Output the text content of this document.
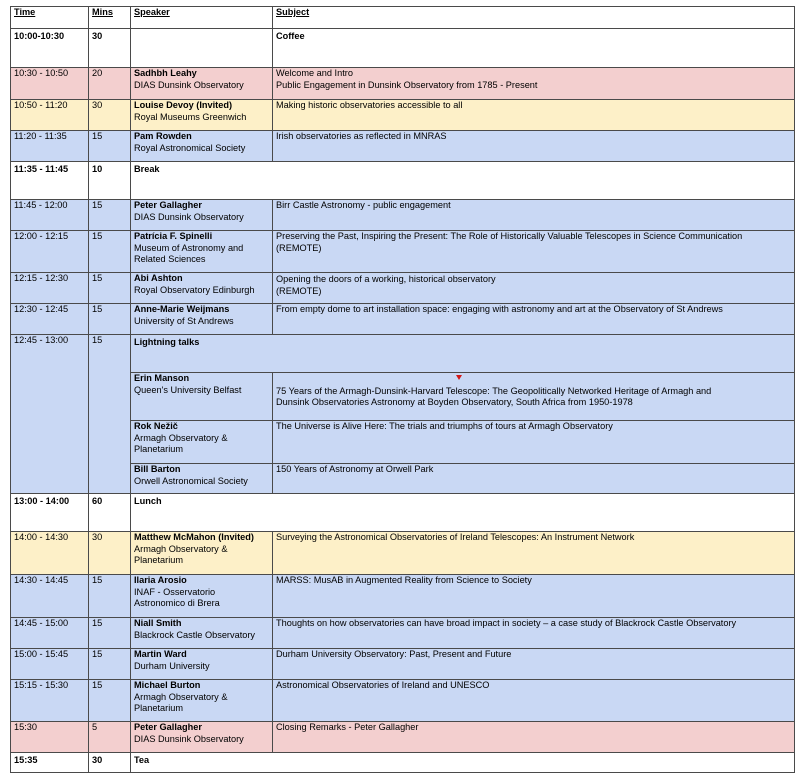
Time	Mins	Speaker	Subject
10:00-10:30	30		Coffee
10:30 - 10:50	20	Sadhbh Leahy
DIAS Dunsink Observatory	Welcome and Intro
Public Engagement in Dunsink Observatory from 1785 - Present
10:50 - 11:20	30	Louise Devoy (Invited)
Royal Museums Greenwich	Making historic observatories accessible to all
11:20 - 11:35	15	Pam Rowden
Royal Astronomical Society	Irish observatories as reflected in MNRAS
11:35 - 11:45	10	Break	
11:45 - 12:00	15	Peter Gallagher
DIAS Dunsink Observatory	Birr Castle Astronomy - public engagement
12:00 - 12:15	15	Patrícia F. Spinelli
Museum of Astronomy and
Related Sciences	Preserving the Past, Inspiring the Present: The Role of Historically Valuable Telescopes in Science Communication
(REMOTE)
12:15 - 12:30	15	Abi Ashton
Royal Observatory Edinburgh	Opening the doors of a working, historical observatory
(REMOTE)
12:30 - 12:45	15	Anne-Marie Weijmans
University of St Andrews	From empty dome to art installation space: engaging with astronomy and art at the Observatory of St Andrews
12:45 - 13:00	15	Lightning talks	

		Erin Manson
Queen's University Belfast	75 Years of the Armagh-Dunsink-Harvard Telescope: The Geopolitically Networked Heritage of Armagh and
Dunsink Observatories Astronomy at Boyden Observatory, South Africa from 1950-1978

		Rok Nežič
Armagh Observatory &
Planetarium	The Universe is Alive Here: The trials and triumphs of tours at Armagh Observatory

		Bill Barton
Orwell Astronomical Society	150 Years of Astronomy at Orwell Park
13:00 - 14:00	60	Lunch	
14:00 - 14:30	30	Matthew McMahon (Invited)
Armagh Observatory &
Planetarium	Surveying the Astronomical Observatories of Ireland Telescopes: An Instrument Network
14:30 - 14:45	15	Ilaria Arosio
INAF - Osservatorio
Astronomico di Brera	MARSS: MusAB in Augmented Reality from Science to Society
14:45 - 15:00	15	Niall Smith
Blackrock Castle Observatory	Thoughts on how observatories can have broad impact in society – a case study of Blackrock Castle Observatory
15:00 - 15:45	15	Martin Ward
Durham University	Durham University Observatory: Past, Present and Future
15:15 - 15:30	15	Michael Burton
Armagh Observatory &
Planetarium	Astronomical Observatories of Ireland and UNESCO
15:30	5	Peter Gallagher
DIAS Dunsink Observatory	Closing Remarks - Peter Gallagher
15:35	30	Tea	
